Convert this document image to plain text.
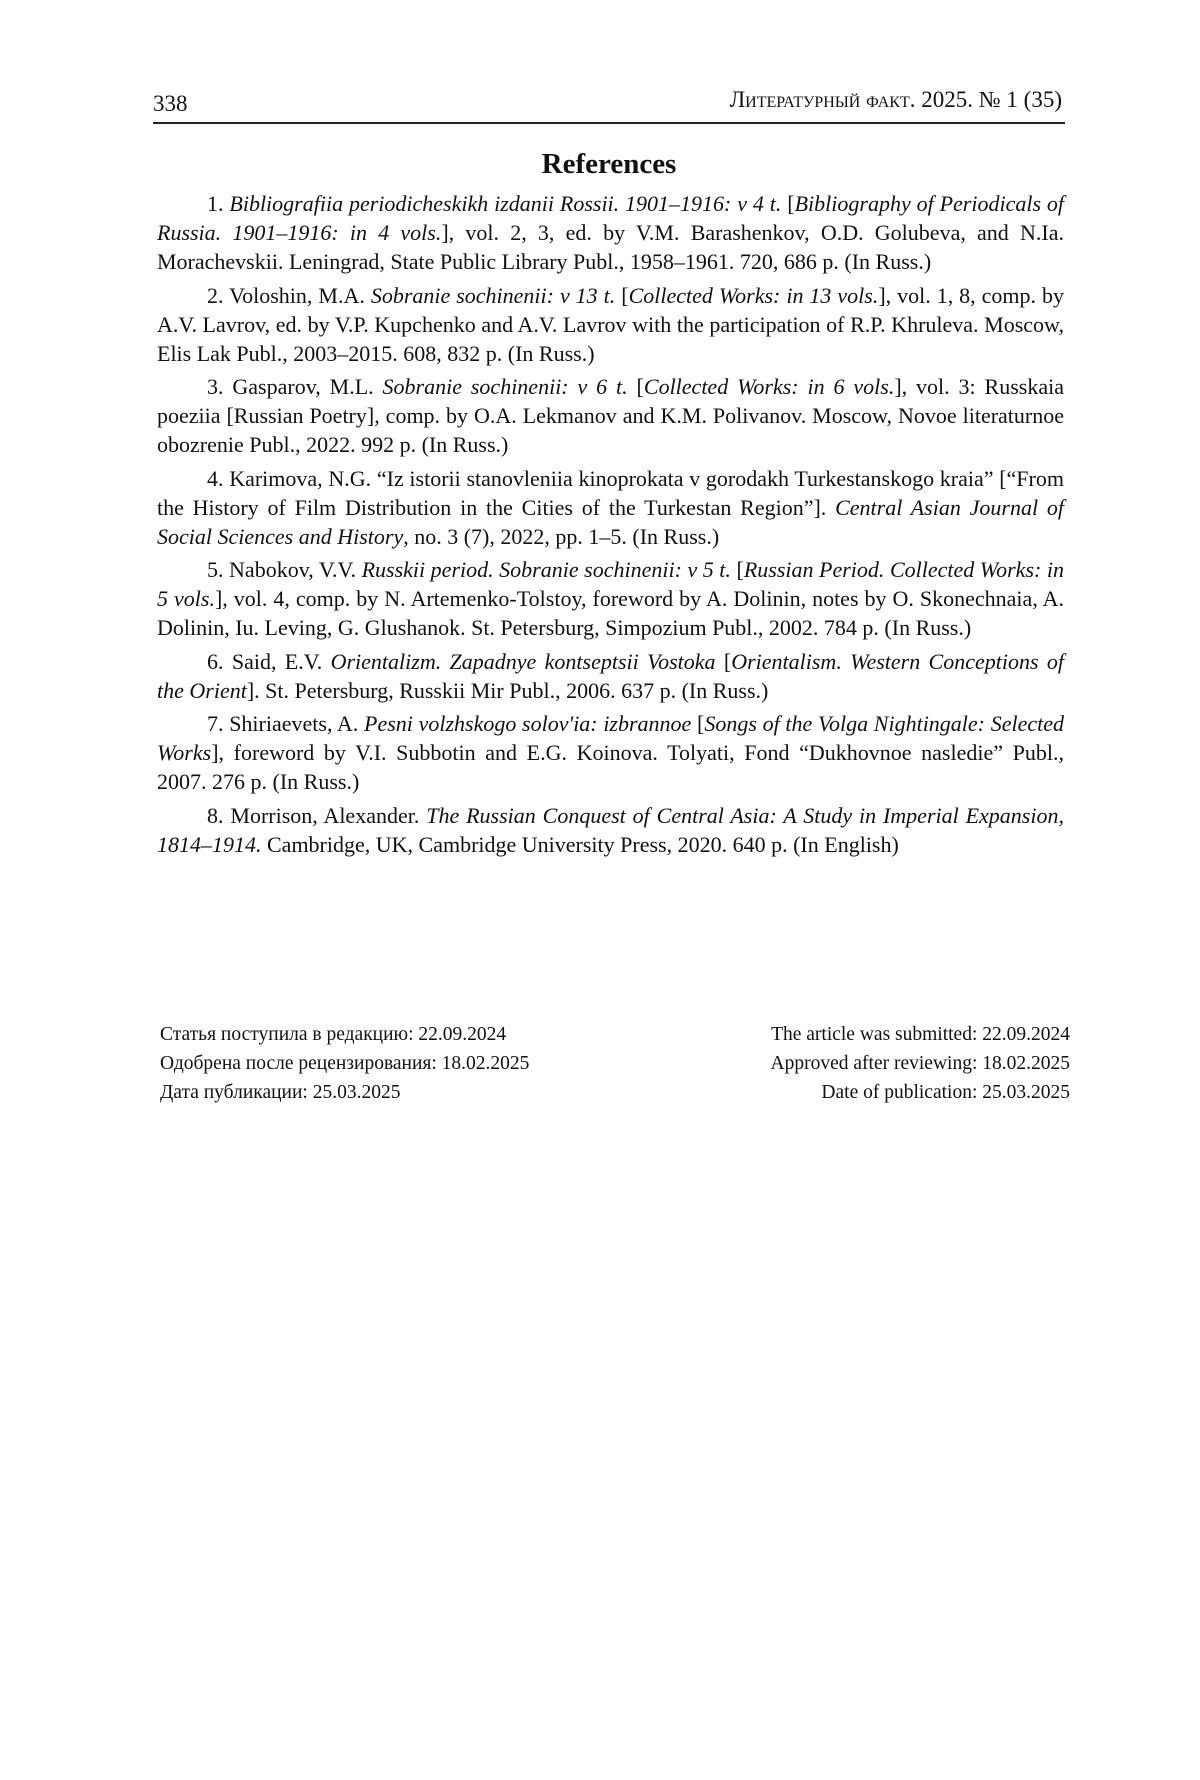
338	Литературный факт. 2025. № 1 (35)
References
1. Bibliografiia periodicheskikh izdanii Rossii. 1901–1916: v 4 t. [Bibliography of Periodicals of Russia. 1901–1916: in 4 vols.], vol. 2, 3, ed. by V.M. Barashenkov, O.D. Golubeva, and N.Ia. Morachevskii. Leningrad, State Public Library Publ., 1958–1961. 720, 686 p. (In Russ.)
2. Voloshin, M.A. Sobranie sochinenii: v 13 t. [Collected Works: in 13 vols.], vol. 1, 8, comp. by A.V. Lavrov, ed. by V.P. Kupchenko and A.V. Lavrov with the participation of R.P. Khruleva. Moscow, Elis Lak Publ., 2003–2015. 608, 832 p. (In Russ.)
3. Gasparov, M.L. Sobranie sochinenii: v 6 t. [Collected Works: in 6 vols.], vol. 3: Russkaia poeziia [Russian Poetry], comp. by O.A. Lekmanov and K.M. Polivanov. Moscow, Novoe literaturnoe obozrenie Publ., 2022. 992 p. (In Russ.)
4. Karimova, N.G. “Iz istorii stanovleniia kinoprokata v gorodakh Turkestanskogo kraia” [“From the History of Film Distribution in the Cities of the Turkestan Region”]. Central Asian Journal of Social Sciences and History, no. 3 (7), 2022, pp. 1–5. (In Russ.)
5. Nabokov, V.V. Russkii period. Sobranie sochinenii: v 5 t. [Russian Period. Collected Works: in 5 vols.], vol. 4, comp. by N. Artemenko-Tolstoy, foreword by A. Dolinin, notes by O. Skonechnaia, A. Dolinin, Iu. Leving, G. Glushanok. St. Petersburg, Simpozium Publ., 2002. 784 p. (In Russ.)
6. Said, E.V. Orientalizm. Zapadnye kontseptsii Vostoka [Orientalism. Western Conceptions of the Orient]. St. Petersburg, Russkii Mir Publ., 2006. 637 p. (In Russ.)
7. Shiriaevets, A. Pesni volzhskogo solov'ia: izbrannoe [Songs of the Volga Nightingale: Selected Works], foreword by V.I. Subbotin and E.G. Koinova. Tolyati, Fond “Dukhovnoe nasledie” Publ., 2007. 276 p. (In Russ.)
8. Morrison, Alexander. The Russian Conquest of Central Asia: A Study in Imperial Expansion, 1814–1914. Cambridge, UK, Cambridge University Press, 2020. 640 p. (In English)
Статья поступила в редакцию: 22.09.2024
Одобрена после рецензирования: 18.02.2025
Дата публикации: 25.03.2025
The article was submitted: 22.09.2024
Approved after reviewing: 18.02.2025
Date of publication: 25.03.2025
